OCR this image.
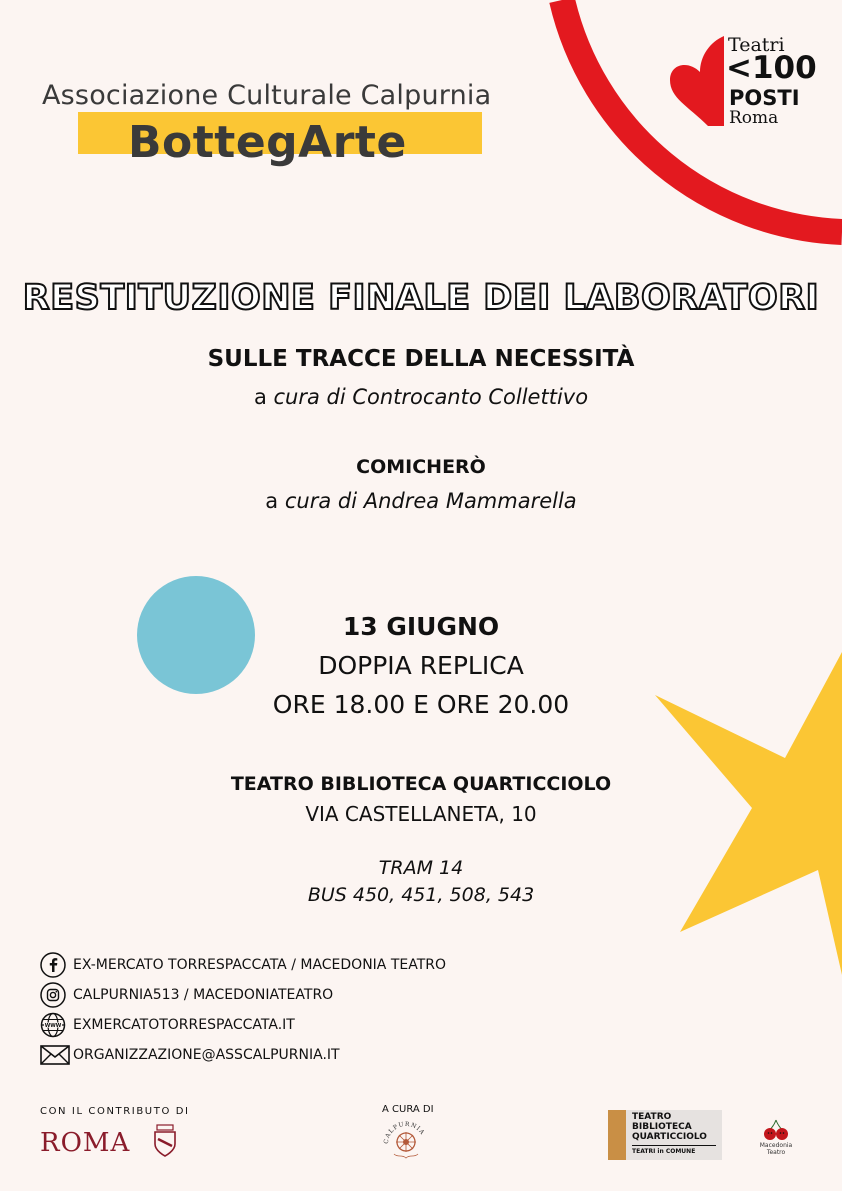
Associazione Culturale Calpurnia
BottegArte
Teatri
<100
POSTI
Roma
RESTITUZIONE FINALE DEI LABORATORI
SULLE TRACCE DELLA NECESSITÀ
a cura di Controcanto Collettivo
COMICHERÒ
a cura di Andrea Mammarella
13 GIUGNO
DOPPIA REPLICA
ORE 18.00 E ORE 20.00
TEATRO BIBLIOTECA QUARTICCIOLO
VIA CASTELLANETA, 10
TRAM 14
BUS 450, 451, 508, 543
EX-MERCATO TORRESPACCATA / MACEDONIA TEATRO
CALPURNIA513 / MACEDONIATEATRO
WWW EXMERCATOTORRESPACCATA.IT
ORGANIZZAZIONE@ASSCALPURNIA.IT
CON IL CONTRIBUTO DI
ROMA
A CURA DI
CALPURNIA
TEATRO
BIBLIOTECA
QUARTICCIOLO
TEATRI in COMUNE
Macedonia
Teatro
